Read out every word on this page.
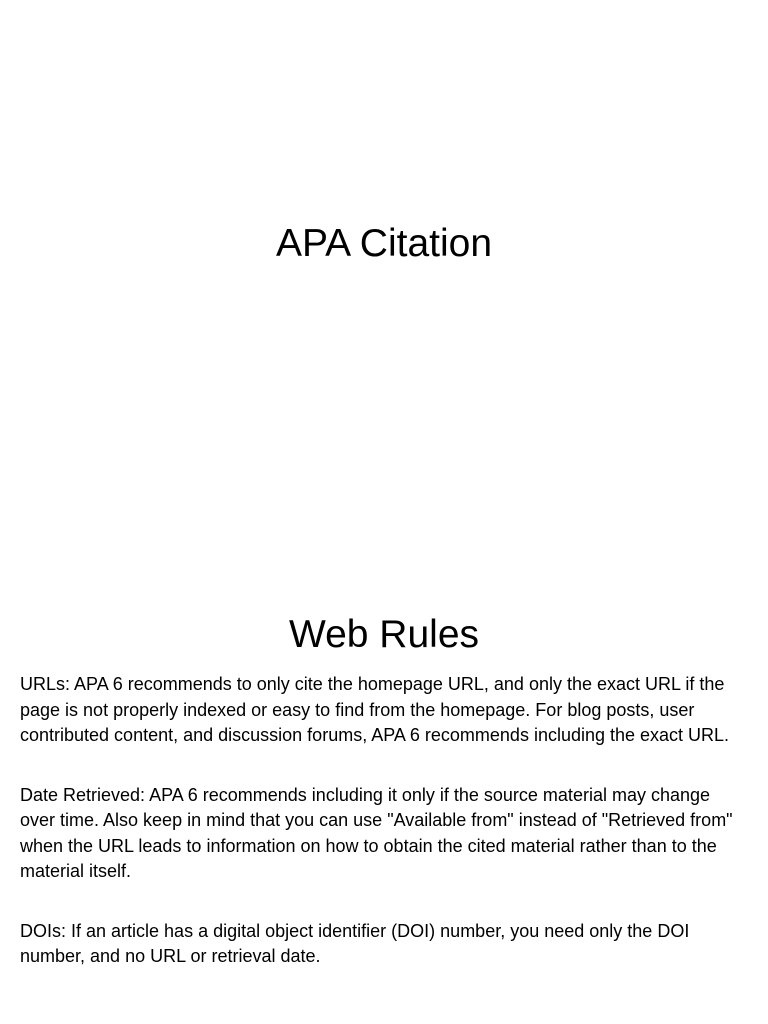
APA Citation
Web Rules

URLs: APA 6 recommends to only cite the homepage URL, and only the exact URL if the page is not properly indexed or easy to find from the homepage. For blog posts, user contributed content, and discussion forums, APA 6 recommends including the exact URL.

Date Retrieved: APA 6 recommends including it only if the source material may change over time. Also keep in mind that you can use "Available from" instead of "Retrieved from" when the URL leads to information on how to obtain the cited material rather than to the material itself.

DOIs: If an article has a digital object identifier (DOI) number, you need only the DOI number, and no URL or retrieval date.
